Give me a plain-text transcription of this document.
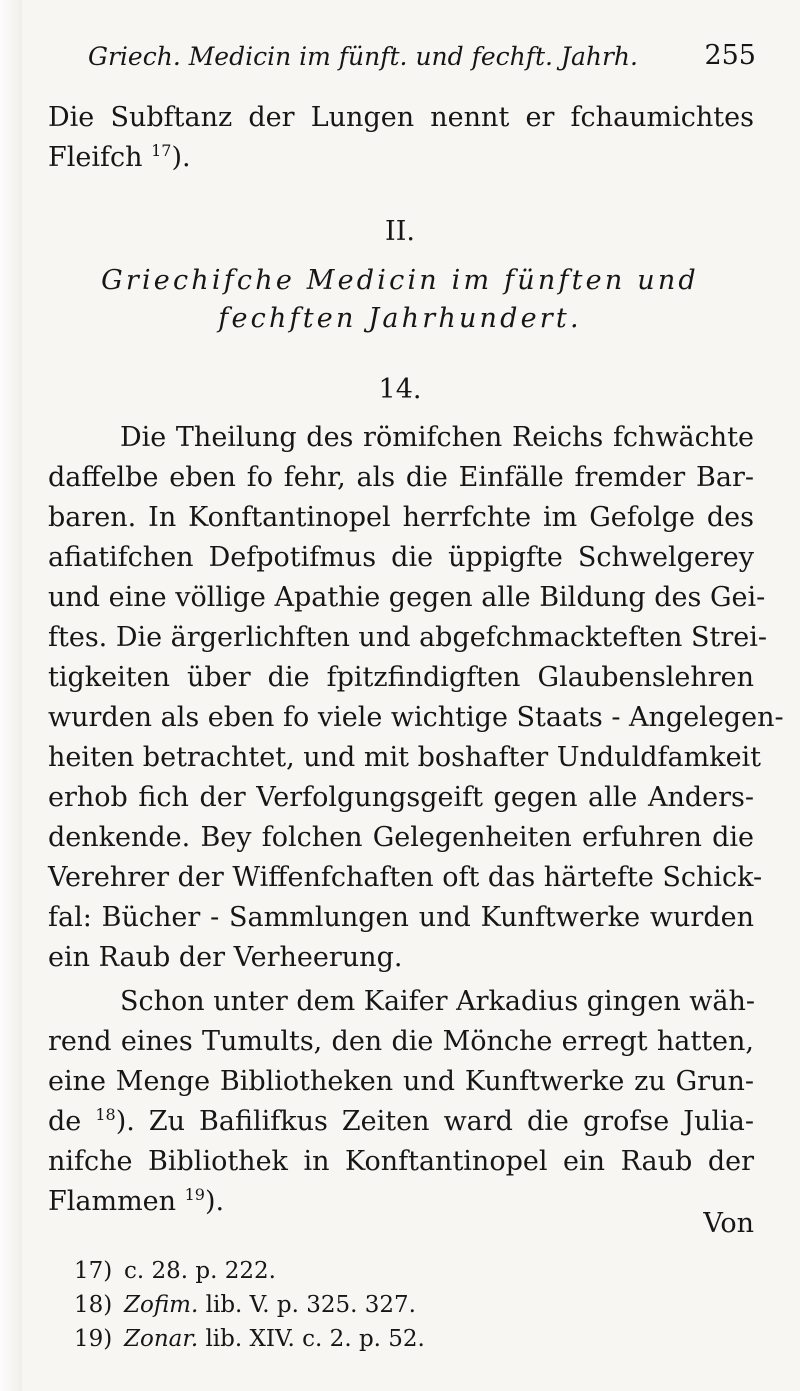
Griech. Medicin im fünft. und fechft. Jahrh.	255
Die Subftanz der Lungen nennt er fchaumichtes
Fleifch $^{17}$).
II.
Griechifche Medicin im fünften und
fechften Jahrhundert.
14.
Die Theilung des römifchen Reichs fchwächte
daffelbe eben fo fehr, als die Einfälle fremder Bar-
baren. In Konftantinopel herrfchte im Gefolge des
afiatifchen Defpotifmus die üppigfte Schwelgerey
und eine völlige Apathie gegen alle Bildung des Gei-
ftes. Die ärgerlichften und abgefchmackteften Strei-
tigkeiten über die fpitzfindigften Glaubenslehren
wurden als eben fo viele wichtige Staats - Angelegen-
heiten betrachtet, und mit boshafter Unduldfamkeit
erhob fich der Verfolgungsgeift gegen alle Anders-
denkende. Bey folchen Gelegenheiten erfuhren die
Verehrer der Wiffenfchaften oft das härtefte Schick-
fal: Bücher - Sammlungen und Kunftwerke wurden
ein Raub der Verheerung.
Schon unter dem Kaifer Arkadius gingen wäh-
rend eines Tumults, den die Mönche erregt hatten,
eine Menge Bibliotheken und Kunftwerke zu Grun-
de $^{18}$). Zu Bafilifkus Zeiten ward die grofse Julia-
nifche Bibliothek in Konftantinopel ein Raub der
Flammen $^{19}$).
Von
17) c. 28. p. 222.
18) Zofim. lib. V. p. 325. 327.
19) Zonar. lib. XIV. c. 2. p. 52.
